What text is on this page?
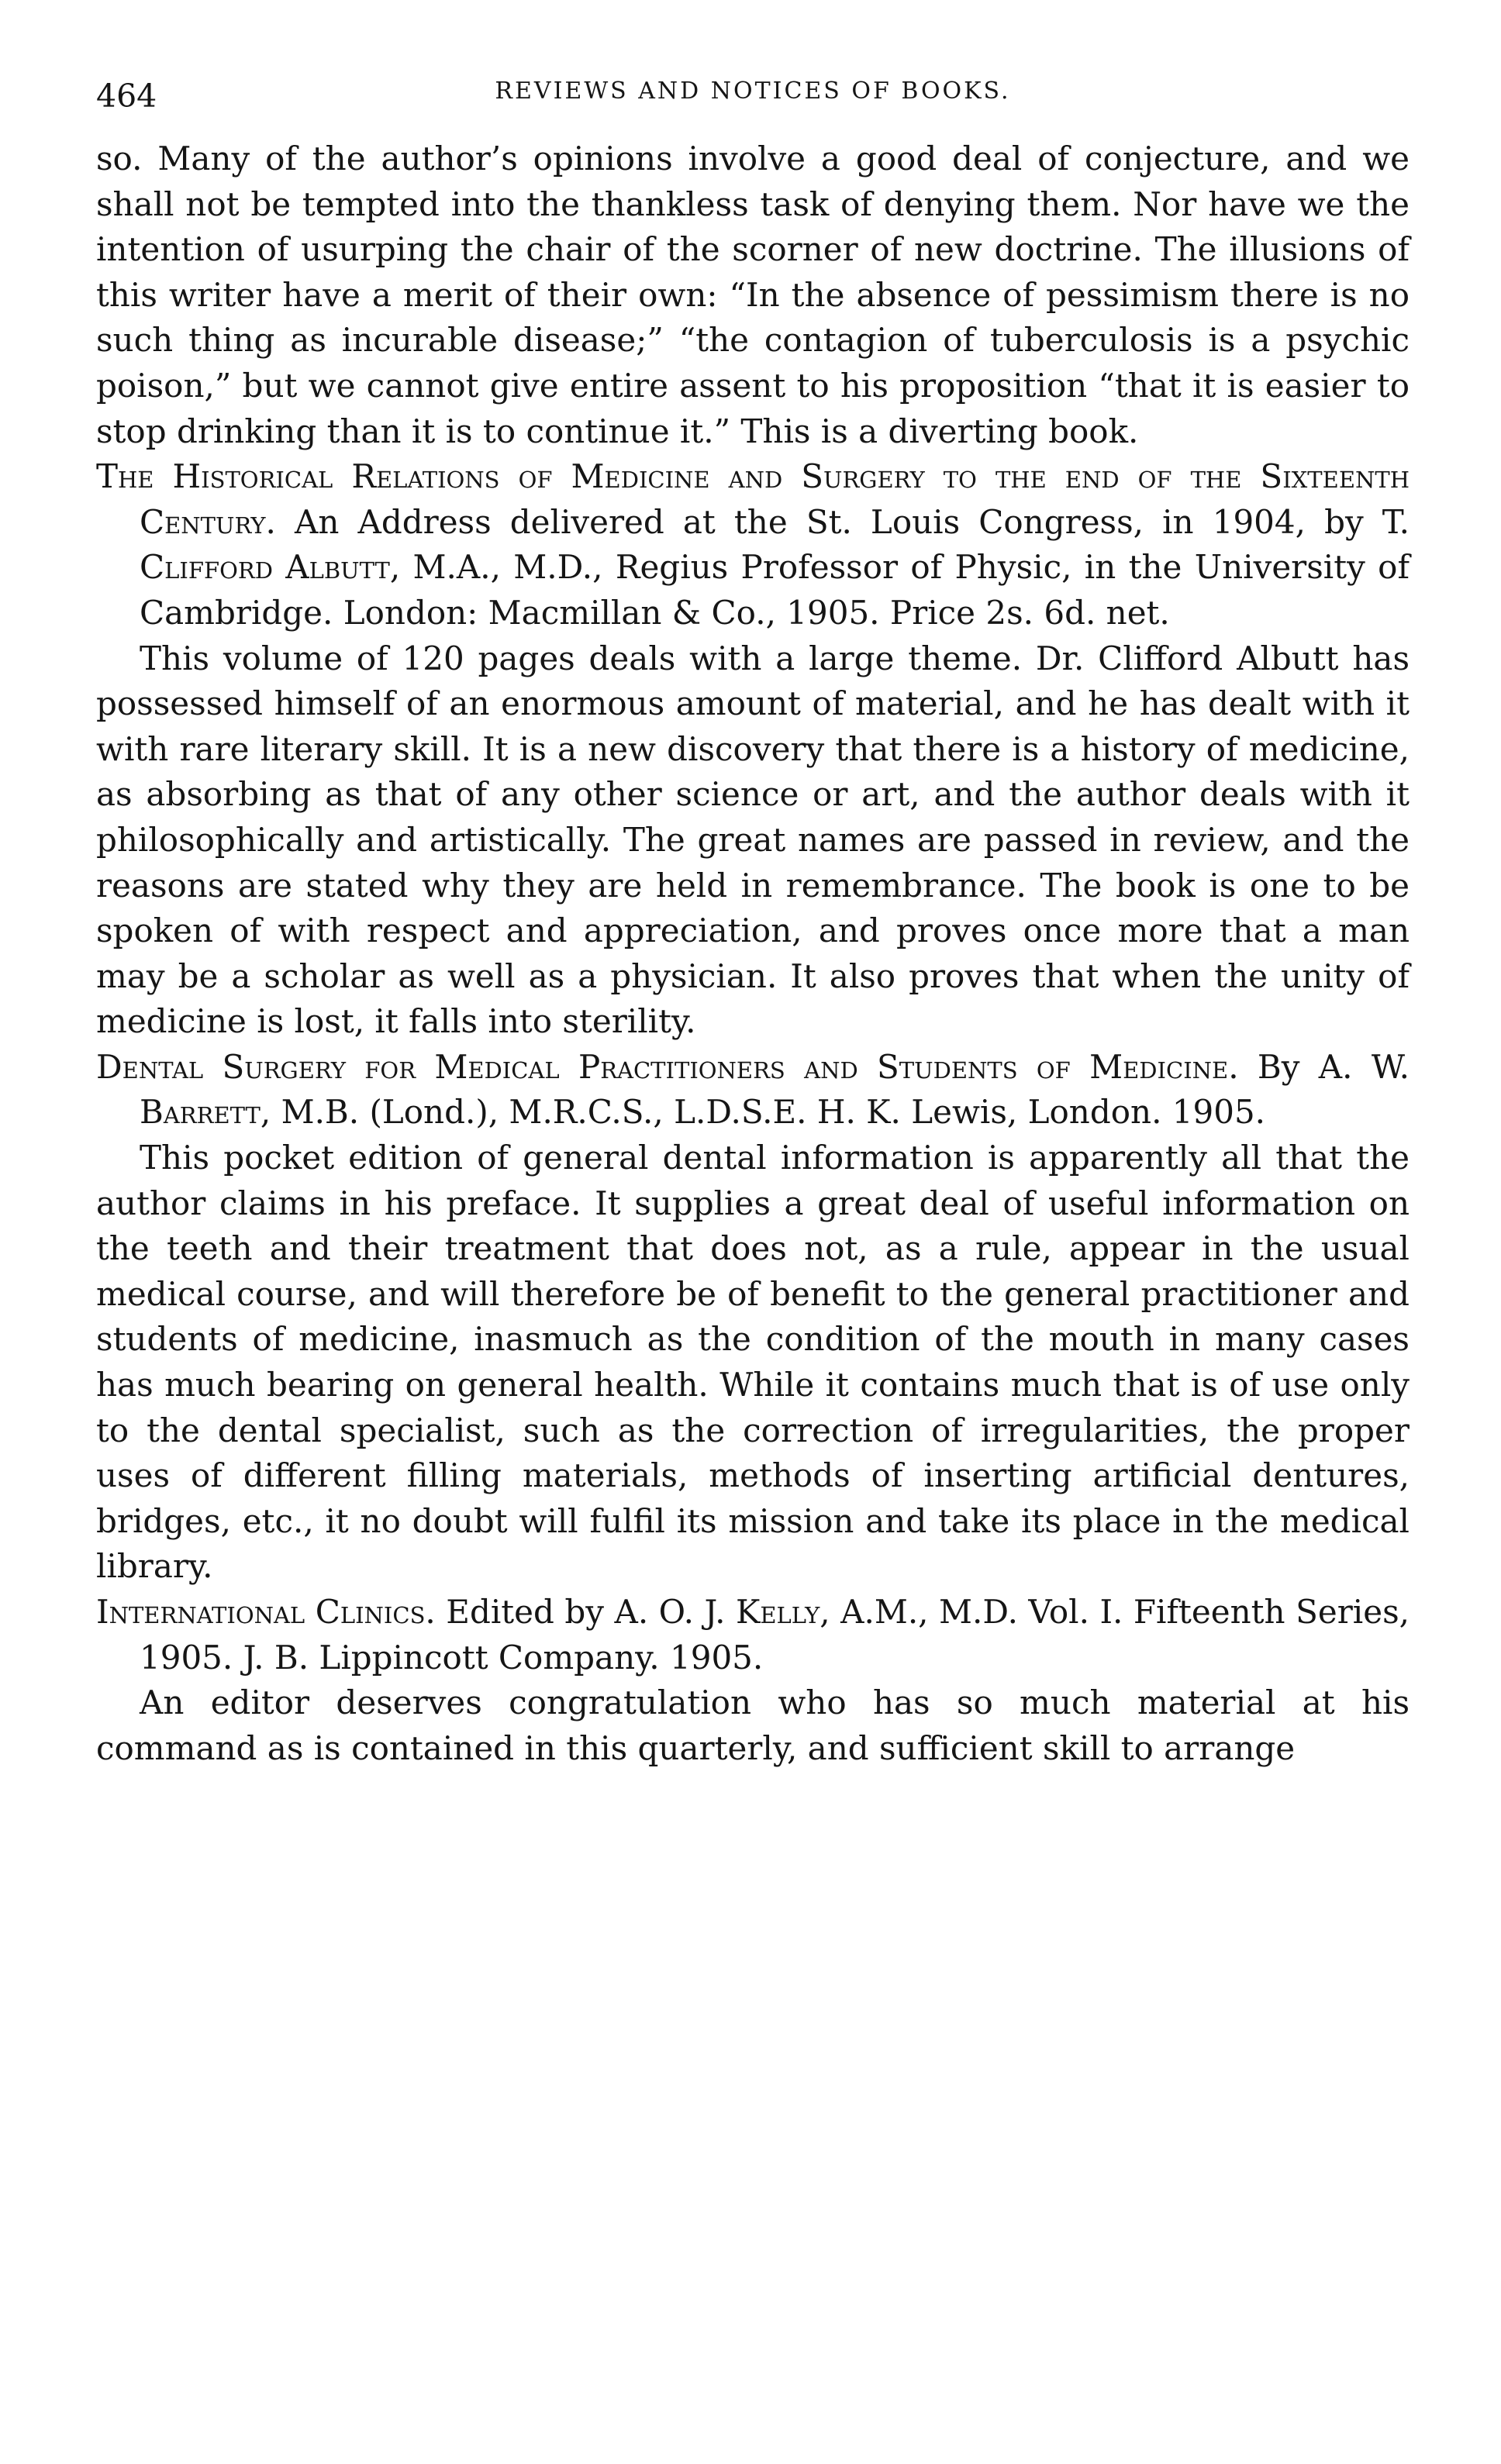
464	REVIEWS AND NOTICES OF BOOKS.

so. Many of the author’s opinions involve a good deal of conjecture, and we shall not be tempted into the thankless task of denying them. Nor have we the intention of usurping the chair of the scorner of new doctrine. The illusions of this writer have a merit of their own: “In the absence of pessimism there is no such thing as incurable disease;” “the contagion of tuberculosis is a psychic poison,” but we cannot give entire assent to his proposition “that it is easier to stop drinking than it is to continue it.” This is a diverting book.

The Historical Relations of Medicine and Surgery to the end of the Sixteenth Century. An Address delivered at the St. Louis Congress, in 1904, by T. Clifford Albutt, M.A., M.D., Regius Professor of Physic, in the University of Cambridge. London: Macmillan & Co., 1905. Price 2s. 6d. net.

This volume of 120 pages deals with a large theme. Dr. Clifford Albutt has possessed himself of an enormous amount of material, and he has dealt with it with rare literary skill. It is a new discovery that there is a history of medicine, as absorbing as that of any other science or art, and the author deals with it philosophically and artistically. The great names are passed in review, and the reasons are stated why they are held in remembrance. The book is one to be spoken of with respect and appreciation, and proves once more that a man may be a scholar as well as a physician. It also proves that when the unity of medicine is lost, it falls into sterility.

Dental Surgery for Medical Practitioners and Students of Medicine. By A. W. Barrett, M.B. (Lond.), M.R.C.S., L.D.S.E. H. K. Lewis, London. 1905.

This pocket edition of general dental information is apparently all that the author claims in his preface. It supplies a great deal of useful information on the teeth and their treatment that does not, as a rule, appear in the usual medical course, and will therefore be of benefit to the general practitioner and students of medicine, inasmuch as the condition of the mouth in many cases has much bearing on general health. While it contains much that is of use only to the dental specialist, such as the correction of irregularities, the proper uses of different filling materials, methods of inserting artificial dentures, bridges, etc., it no doubt will fulfil its mission and take its place in the medical library.

International Clinics. Edited by A. O. J. Kelly, A.M., M.D. Vol. I. Fifteenth Series, 1905. J. B. Lippincott Company. 1905.

An editor deserves congratulation who has so much material at his command as is contained in this quarterly, and sufficient skill to arrange
